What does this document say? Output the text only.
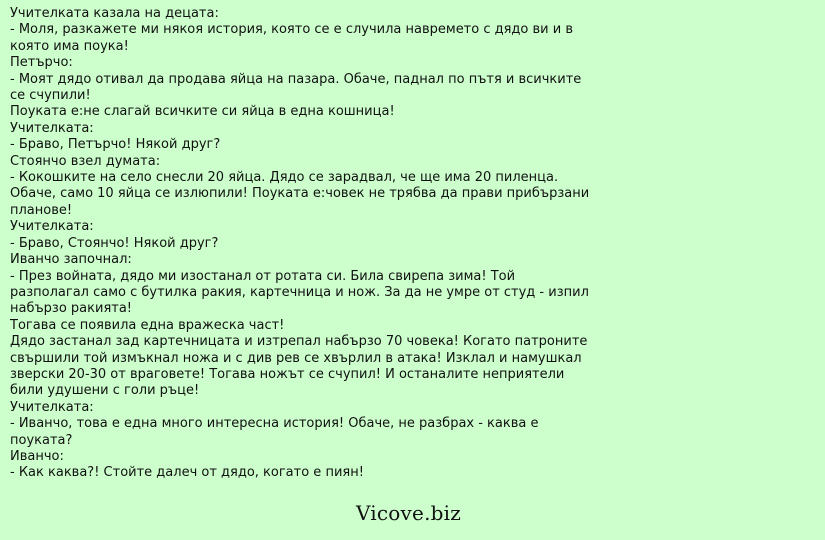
Учителката казала на децата:

- Моля, разкажете ми някоя история, която се е случила навремето с дядо ви и в която има поука!

Петърчо:

- Моят дядо отивал да продава яйца на пазара. Обаче, паднал по пътя и всичките се счупили!

Поуката е:не слагай всичките си яйца в една кошница!

Учителката:

- Браво, Петърчо! Някой друг?

Стоянчо взел думата:

- Кокошките на село снесли 20 яйца. Дядо се зарадвал, че ще има 20 пиленца. Обаче, само 10 яйца се излюпили! Поуката е:човек не трябва да прави прибързани планове!

Учителката:

- Браво, Стоянчо! Някой друг?

Иванчо започнал:

- През войната, дядо ми изостанал от ротата си. Била свирепа зима! Той разполагал само с бутилка ракия, картечница и нож. За да не умре от студ - изпил набързо ракията!

Тогава се появила една вражеска част!

Дядо застанал зад картечницата и изтрепал набързо 70 човека! Когато патроните свършили той измъкнал ножа и с див рев се хвърлил в атака! Изклал и намушкал зверски 20-30 от враговете! Тогава ножът се счупил! И останалите неприятели били удушени с голи ръце!

Учителката:

- Иванчо, това е една много интересна история! Обаче, не разбрах - каква е поуката?

Иванчо:

- Как каква?! Стойте далеч от дядо, когато е пиян!

Vicove.biz
